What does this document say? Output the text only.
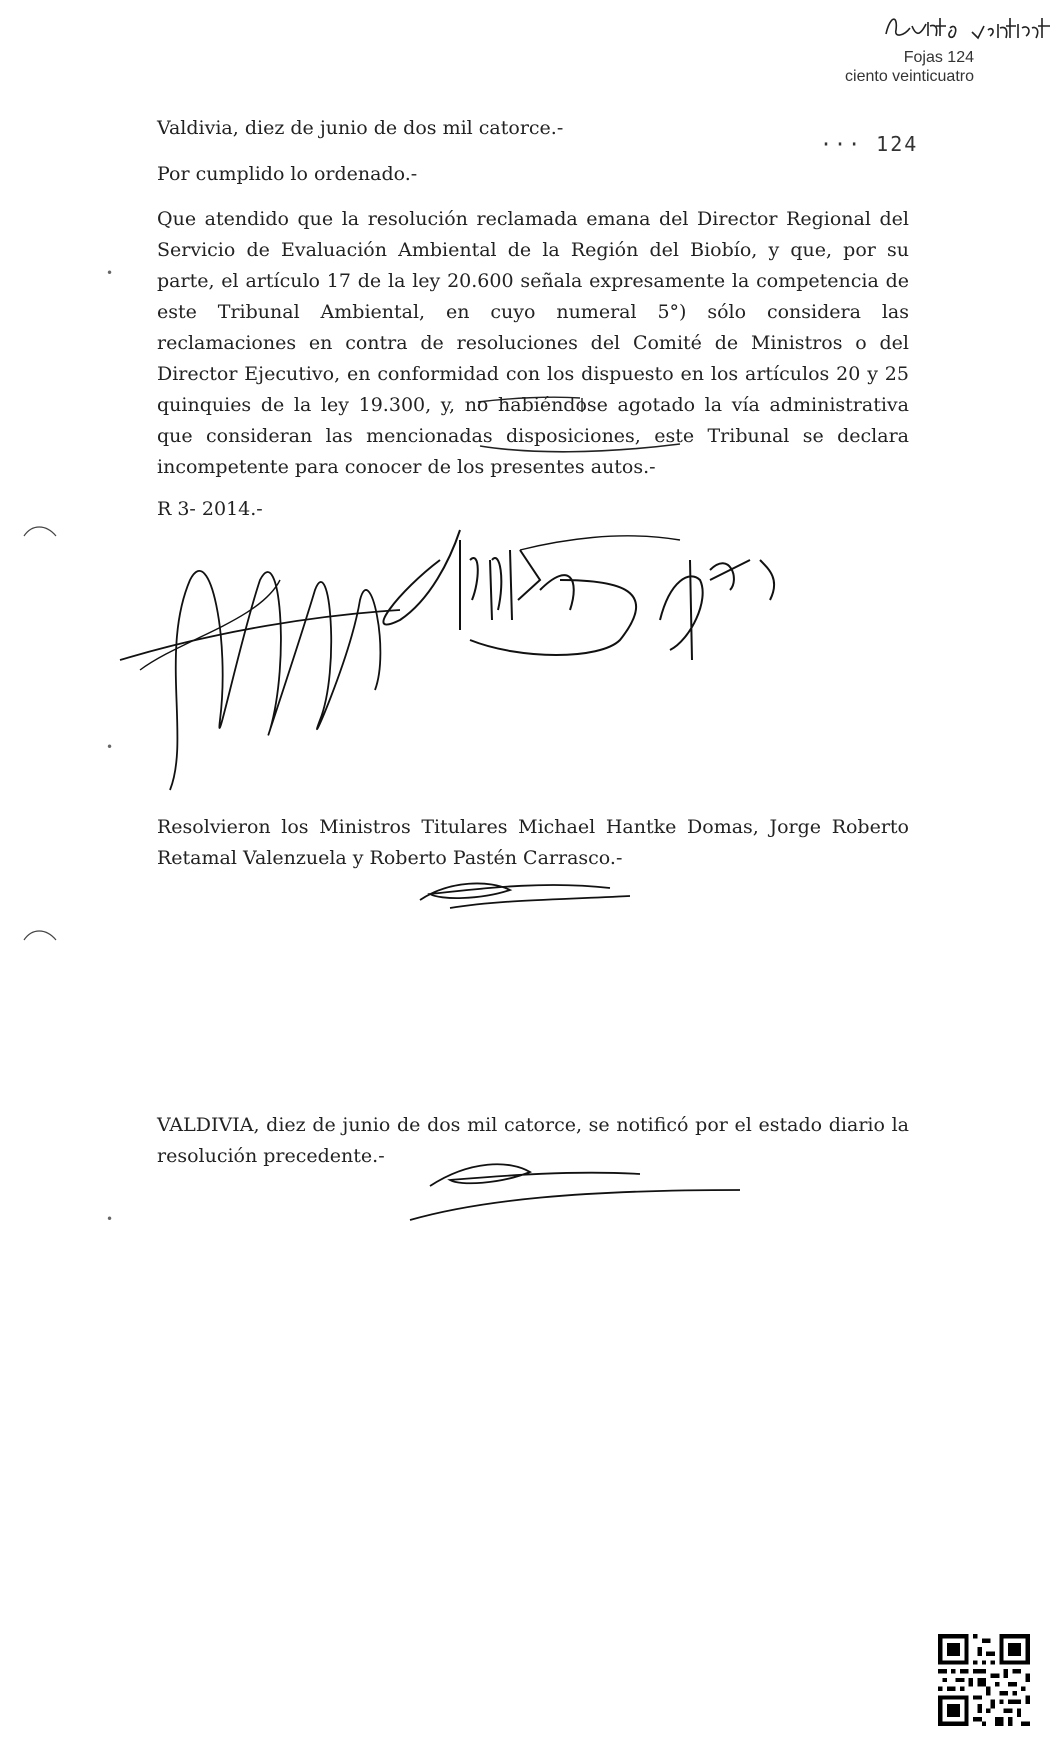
Fojas 124
ciento veinticuatro
··· 124
Valdivia, diez de junio de dos mil catorce.-
Por cumplido lo ordenado.-
Que atendido que la resolución reclamada emana del Director Regional del Servicio de Evaluación Ambiental de la Región del Biobío, y que, por su parte, el artículo 17 de la ley 20.600 señala expresamente la competencia de este Tribunal Ambiental, en cuyo numeral 5°) sólo considera las reclamaciones en contra de resoluciones del Comité de Ministros o del Director Ejecutivo, en conformidad con los dispuesto en los artículos 20 y 25 quinquies de la ley 19.300, y, no habiéndose agotado la vía administrativa que consideran las mencionadas disposiciones, este Tribunal se declara incompetente para conocer de los presentes autos.-
R 3- 2014.-
Resolvieron los Ministros Titulares Michael Hantke Domas, Jorge Roberto Retamal Valenzuela y Roberto Pastén Carrasco.-
VALDIVIA, diez de junio de dos mil catorce, se notificó por el estado diario la resolución precedente.-
•
•
•
